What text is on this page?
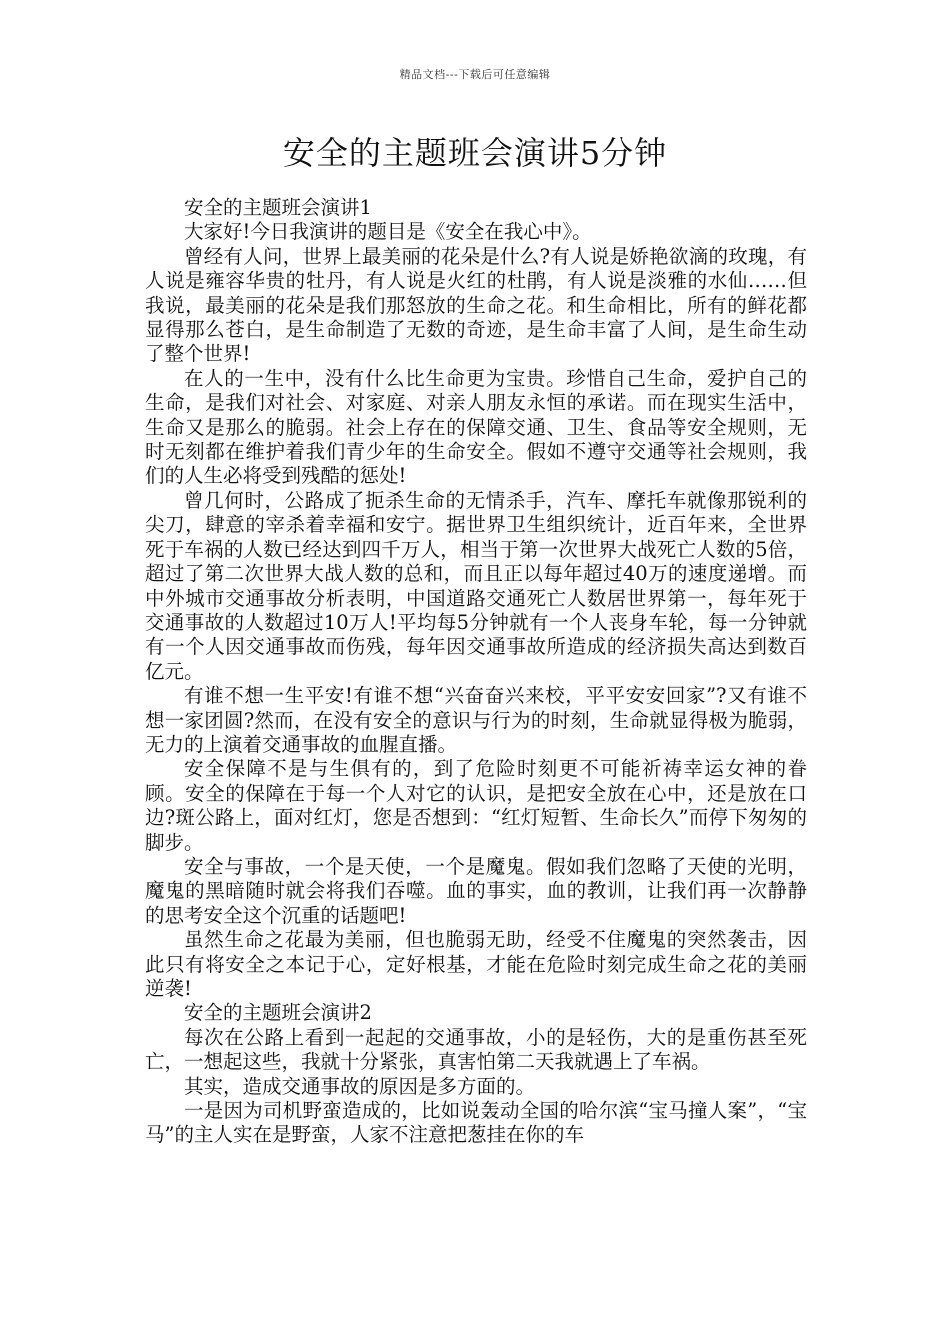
精品文档---下载后可任意编辑
安全的主题班会演讲5分钟

安全的主题班会演讲1

大家好!今日我演讲的题目是《安全在我心中》。

曾经有人问，世界上最美丽的花朵是什么?有人说是娇艳欲滴的玫瑰，有人说是雍容华贵的牡丹，有人说是火红的杜鹃，有人说是淡雅的水仙……但我说，最美丽的花朵是我们那怒放的生命之花。和生命相比，所有的鲜花都显得那么苍白，是生命制造了无数的奇迹，是生命丰富了人间，是生命生动了整个世界!

在人的一生中，没有什么比生命更为宝贵。珍惜自己生命，爱护自己的生命，是我们对社会、对家庭、对亲人朋友永恒的承诺。而在现实生活中，生命又是那么的脆弱。社会上存在的保障交通、卫生、食品等安全规则，无时无刻都在维护着我们青少年的生命安全。假如不遵守交通等社会规则，我们的人生必将受到残酷的惩处!

曾几何时，公路成了扼杀生命的无情杀手，汽车、摩托车就像那锐利的尖刀，肆意的宰杀着幸福和安宁。据世界卫生组织统计，近百年来，全世界死于车祸的人数已经达到四千万人，相当于第一次世界大战死亡人数的5倍，超过了第二次世界大战人数的总和，而且正以每年超过40万的速度递增。而中外城市交通事故分析表明，中国道路交通死亡人数居世界第一，每年死于交通事故的人数超过10万人!平均每5分钟就有一个人丧身车轮，每一分钟就有一个人因交通事故而伤残，每年因交通事故所造成的经济损失高达到数百亿元。

有谁不想一生平安!有谁不想“兴奋奋兴来校，平平安安回家”?又有谁不想一家团圆?然而，在没有安全的意识与行为的时刻，生命就显得极为脆弱，无力的上演着交通事故的血腥直播。

安全保障不是与生俱有的，到了危险时刻更不可能祈祷幸运女神的眷顾。安全的保障在于每一个人对它的认识，是把安全放在心中，还是放在口边?斑公路上，面对红灯，您是否想到：“红灯短暂、生命长久”而停下匆匆的脚步。

安全与事故，一个是天使，一个是魔鬼。假如我们忽略了天使的光明，魔鬼的黑暗随时就会将我们吞噬。血的事实，血的教训，让我们再一次静静的思考安全这个沉重的话题吧!

虽然生命之花最为美丽，但也脆弱无助，经受不住魔鬼的突然袭击，因此只有将安全之本记于心，定好根基，才能在危险时刻完成生命之花的美丽逆袭!

安全的主题班会演讲2

每次在公路上看到一起起的交通事故，小的是轻伤，大的是重伤甚至死亡，一想起这些，我就十分紧张，真害怕第二天我就遇上了车祸。

其实，造成交通事故的原因是多方面的。

一是因为司机野蛮造成的，比如说轰动全国的哈尔滨“宝马撞人案”，“宝马”的主人实在是野蛮，人家不注意把葱挂在你的车
